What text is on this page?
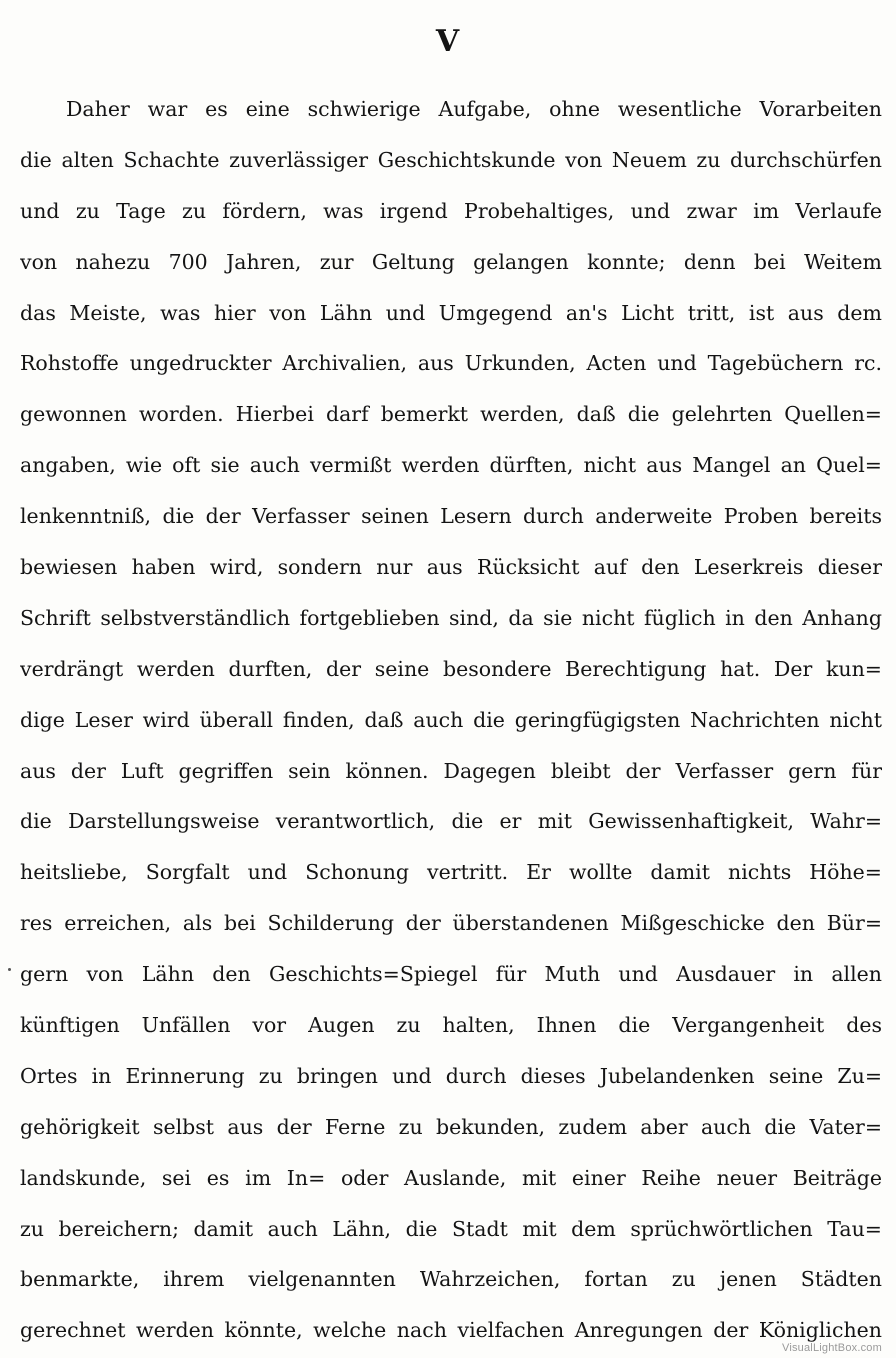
V
Daher war es eine schwierige Aufgabe, ohne wesentliche Vorarbeiten
die alten Schachte zuverlässiger Geschichtskunde von Neuem zu durchschürfen
und zu Tage zu fördern, was irgend Probehaltiges, und zwar im Verlaufe
von nahezu 700 Jahren, zur Geltung gelangen konnte; denn bei Weitem
das Meiste, was hier von Lähn und Umgegend an's Licht tritt, ist aus dem
Rohstoffe ungedruckter Archivalien, aus Urkunden, Acten und Tagebüchern rc.
gewonnen worden. Hierbei darf bemerkt werden, daß die gelehrten Quellen=
angaben, wie oft sie auch vermißt werden dürften, nicht aus Mangel an Quel=
lenkenntniß, die der Verfasser seinen Lesern durch anderweite Proben bereits
bewiesen haben wird, sondern nur aus Rücksicht auf den Leserkreis dieser
Schrift selbstverständlich fortgeblieben sind, da sie nicht füglich in den Anhang
verdrängt werden durften, der seine besondere Berechtigung hat. Der kun=
dige Leser wird überall finden, daß auch die geringfügigsten Nachrichten nicht
aus der Luft gegriffen sein können. Dagegen bleibt der Verfasser gern für
die Darstellungsweise verantwortlich, die er mit Gewissenhaftigkeit, Wahr=
heitsliebe, Sorgfalt und Schonung vertritt. Er wollte damit nichts Höhe=
res erreichen, als bei Schilderung der überstandenen Mißgeschicke den Bür=
gern von Lähn den Geschichts=Spiegel für Muth und Ausdauer in allen
künftigen Unfällen vor Augen zu halten, Ihnen die Vergangenheit des
Ortes in Erinnerung zu bringen und durch dieses Jubelandenken seine Zu=
gehörigkeit selbst aus der Ferne zu bekunden, zudem aber auch die Vater=
landskunde, sei es im In= oder Auslande, mit einer Reihe neuer Beiträge
zu bereichern; damit auch Lähn, die Stadt mit dem sprüchwörtlichen Tau=
benmarkte, ihrem vielgenannten Wahrzeichen, fortan zu jenen Städten
gerechnet werden könnte, welche nach vielfachen Anregungen der Königlichen
VisualLightBox.com
